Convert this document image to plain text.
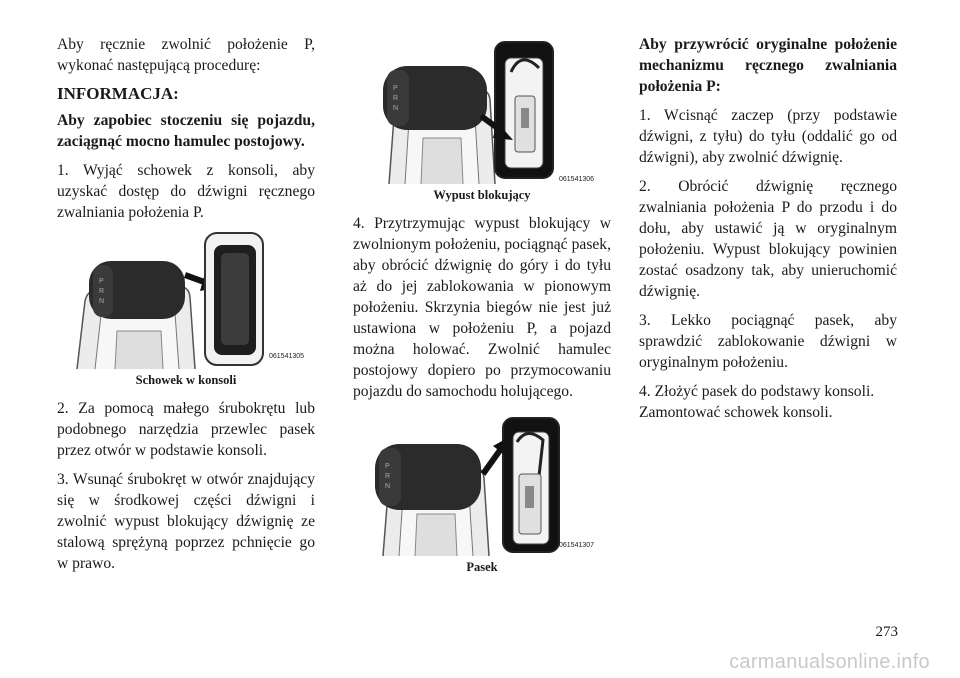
Aby ręcznie zwolnić położenie P, wykonać następującą procedurę:

INFORMACJA:

Aby zapobiec stoczeniu się pojazdu, zaciągnąć mocno hamulec postojowy.

1. Wyjąć schowek z konsoli, aby uzyskać dostęp do dźwigni ręcznego zwalniania położenia P.

P
R
N
061541305
Schowek w konsoli

2. Za pomocą małego śrubokrętu lub podobnego narzędzia przewlec pasek przez otwór w podstawie konsoli.

3. Wsunąć śrubokręt w otwór znajdujący się w środkowej części dźwigni i zwolnić wypust blokujący dźwignię ze stalową sprężyną poprzez pchnięcie go w prawo.

P
R
N
061541306
Wypust blokujący

4. Przytrzymując wypust blokujący w zwolnionym położeniu, pociągnąć pasek, aby obrócić dźwignię do góry i do tyłu aż do jej zablokowania w pionowym położeniu. Skrzynia biegów nie jest już ustawiona w położeniu P, a pojazd można holować. Zwolnić hamulec postojowy dopiero po przymocowaniu pojazdu do samochodu holującego.

P
R
N
061541307
Pasek

Aby przywrócić oryginalne położenie mechanizmu ręcznego zwalniania położenia P:

1. Wcisnąć zaczep (przy podstawie dźwigni, z tyłu) do tyłu (oddalić go od dźwigni), aby zwolnić dźwignię.

2. Obrócić dźwignię ręcznego zwalniania położenia P do przodu i do dołu, aby ustawić ją w oryginalnym położeniu. Wypust blokujący powinien zostać osadzony tak, aby unieruchomić dźwignię.

3. Lekko pociągnąć pasek, aby sprawdzić zablokowanie dźwigni w oryginalnym położeniu.

4. Złożyć pasek do podstawy konsoli. Zamontować schowek konsoli.

273
carmanualsonline.info
